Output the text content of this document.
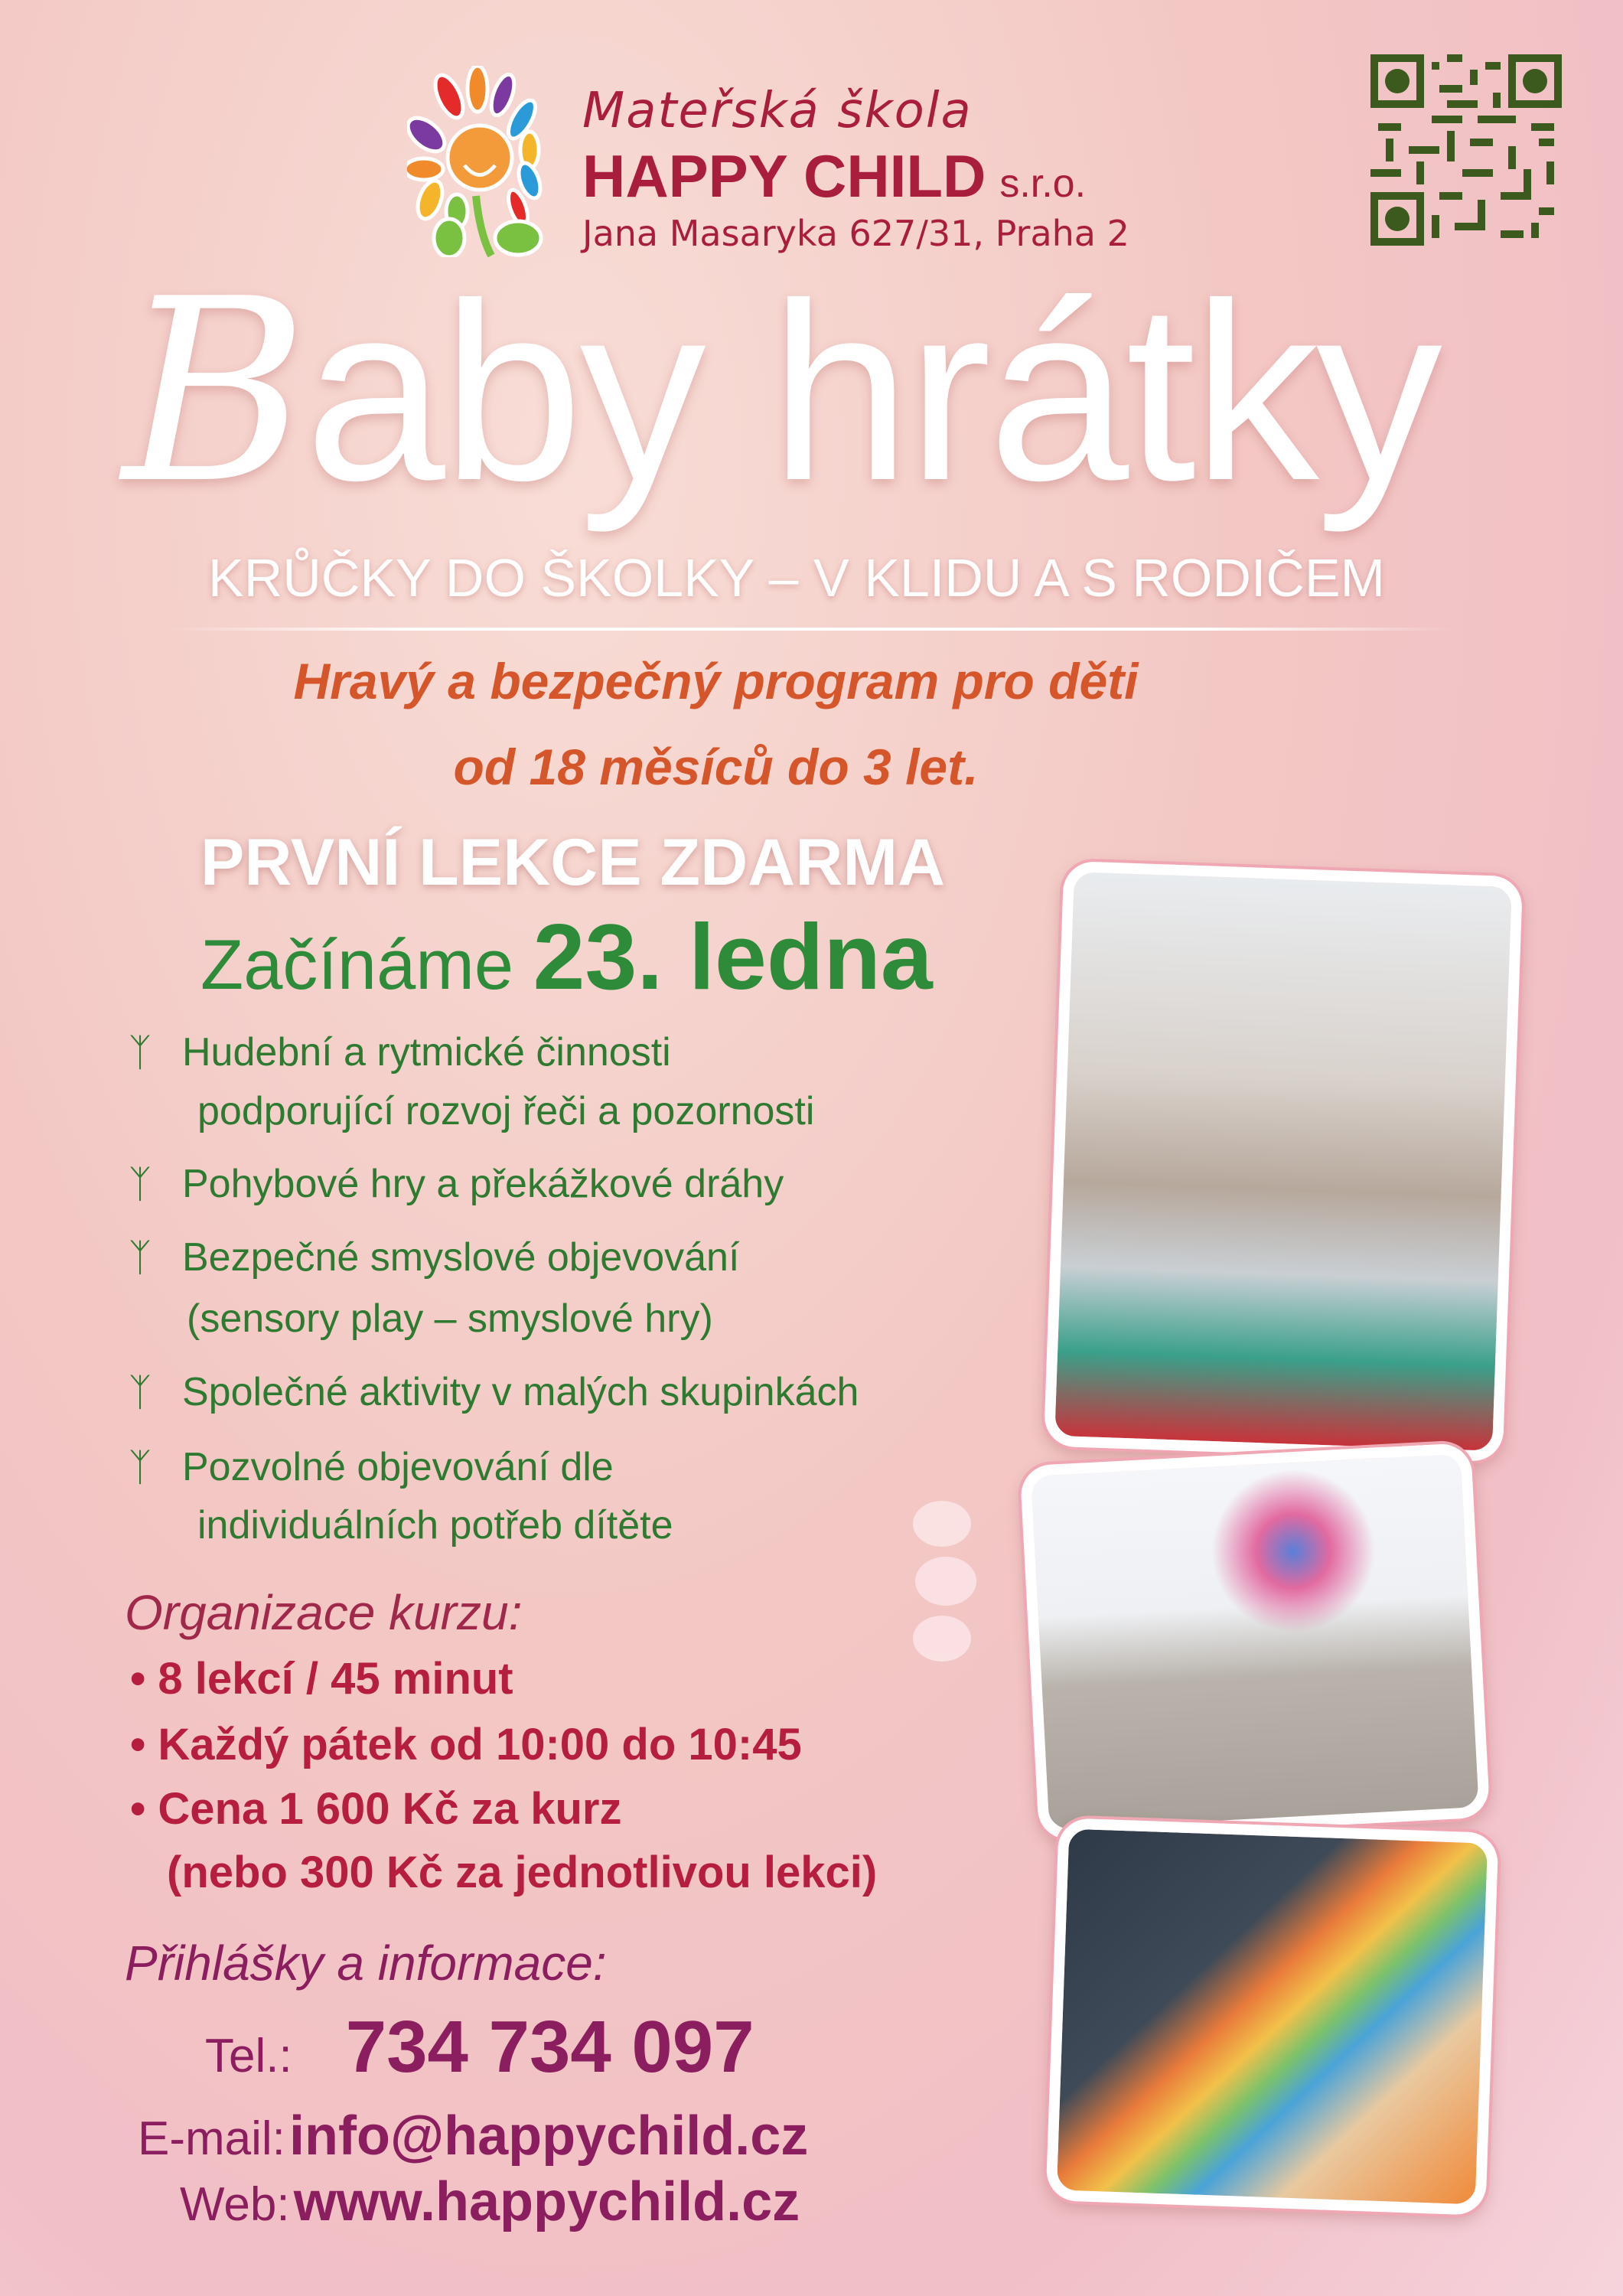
Mateřská škola
HAPPY CHILD s.r.o.
Jana Masaryka 627/31, Praha 2
Baby hrátky
KRŮČKY DO ŠKOLKY – V KLIDU A S RODIČEM
Hravý a bezpečný program pro děti
od 18 měsíců do 3 let.
PRVNÍ LEKCE ZDARMA
Začínáme 23. ledna
ᛉ Hudební a rytmické činnosti
podporující rozvoj řeči a pozornosti
ᛉ Pohybové hry a překážkové dráhy
ᛉ Bezpečné smyslové objevování
(sensory play – smyslové hry)
ᛉ Společné aktivity v malých skupinkách
ᛉ Pozvolné objevování dle
individuálních potřeb dítěte
Organizace kurzu:
• 8 lekcí / 45 minut
• Každý pátek od 10:00 do 10:45
• Cena 1 600 Kč za kurz
(nebo 300 Kč za jednotlivou lekci)
Přihlášky a informace:
Tel.: 734 734 097
E-mail: info@happychild.cz
Web: www.happychild.cz
